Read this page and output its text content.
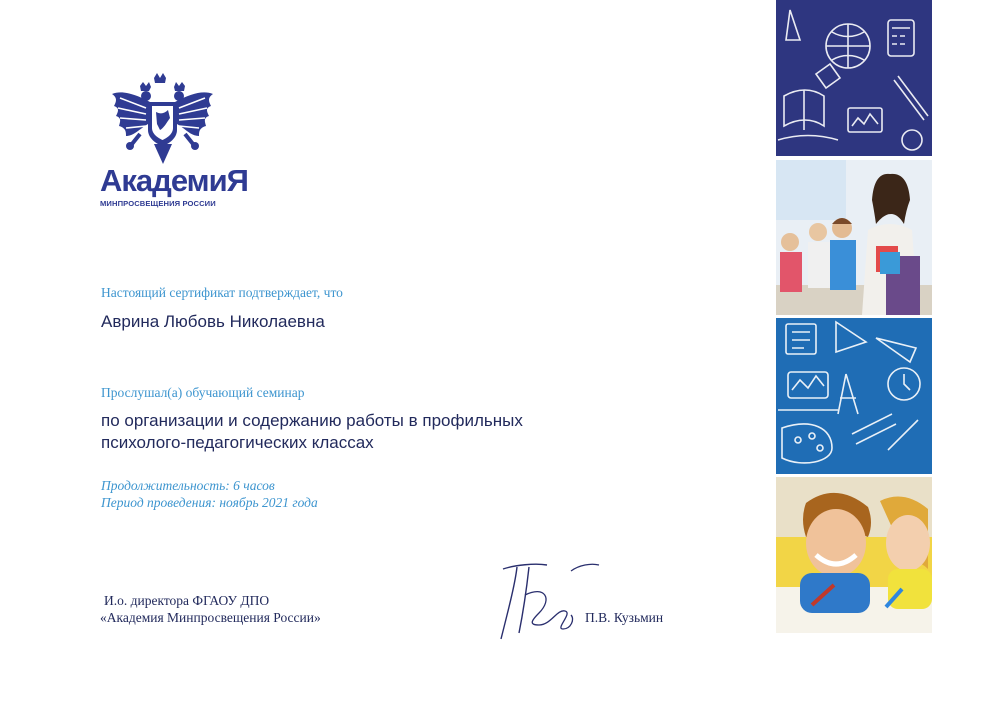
АкадемиЯ
МИНПРОСВЕЩЕНИЯ РОССИИ
Настоящий сертификат подтверждает, что
Аврина Любовь Николаевна
Прослушал(а) обучающий семинар
по организации и содержанию работы в профильных
психолого-педагогических классах
Продолжительность: 6 часов
Период проведения: ноябрь 2021 года
И.о. директора ФГАОУ ДПО
«Академия Минпросвещения России»	П.В. Кузьмин
